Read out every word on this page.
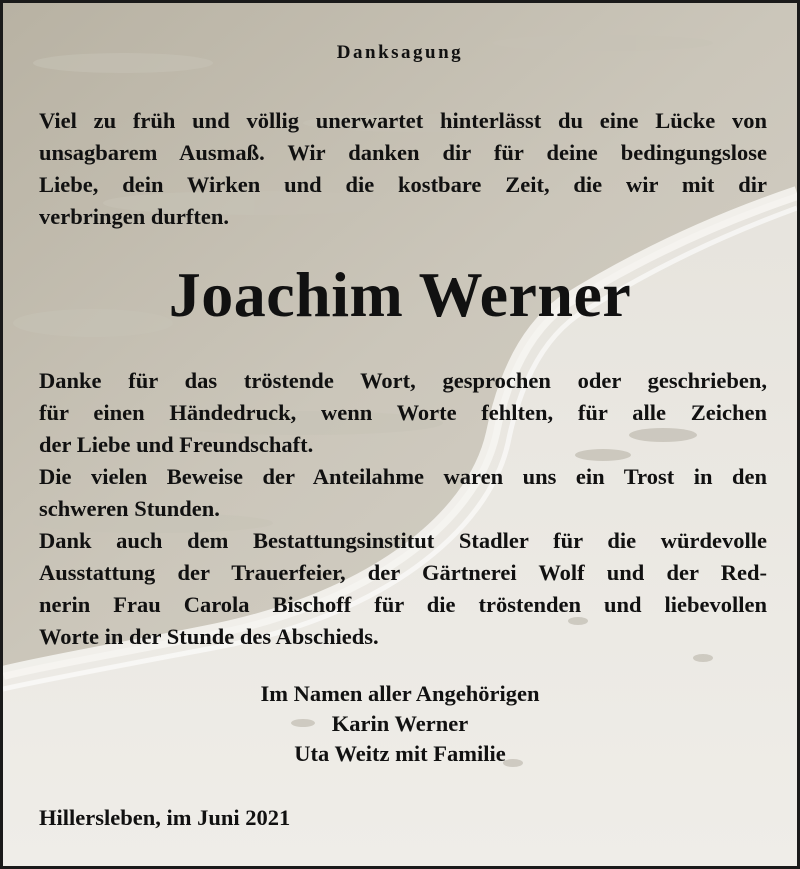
Danksagung

Viel zu früh und völlig unerwartet hinterlässt du eine Lücke von
unsagbarem Ausmaß. Wir danken dir für deine bedingungslose
Liebe, dein Wirken und die kostbare Zeit, die wir mit dir
verbringen durften.

Joachim Werner

Danke für das tröstende Wort, gesprochen oder geschrieben,
für einen Händedruck, wenn Worte fehlten, für alle Zeichen
der Liebe und Freundschaft.
Die vielen Beweise der Anteilahme waren uns ein Trost in den
schweren Stunden.
Dank auch dem Bestattungsinstitut Stadler für die würdevolle
Ausstattung der Trauerfeier, der Gärtnerei Wolf und der Red-
nerin Frau Carola Bischoff für die tröstenden und liebevollen
Worte in der Stunde des Abschieds.

Im Namen aller Angehörigen
Karin Werner
Uta Weitz mit Familie
Hillersleben, im Juni 2021
